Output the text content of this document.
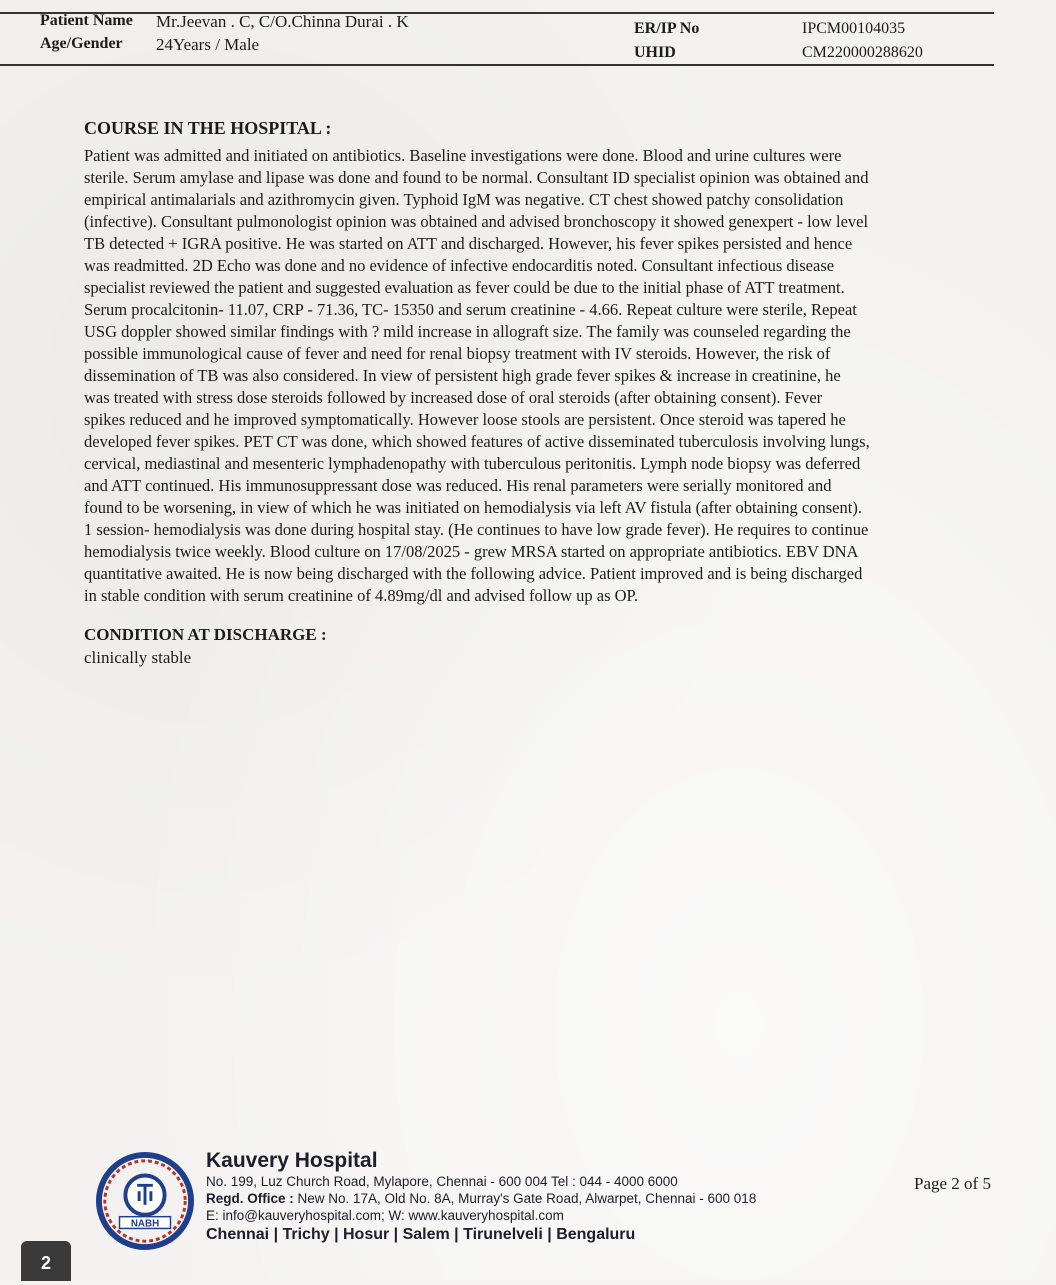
Patient Name Mr.Jeevan . C, C/O.Chinna Durai . K
Age/Gender 24Years / Male
ER/IP No	IPCM00104035
UHID	CM220000288620
COURSE IN THE HOSPITAL :
Patient was admitted and initiated on antibiotics. Baseline investigations were done. Blood and urine cultures were
sterile. Serum amylase and lipase was done and found to be normal. Consultant ID specialist opinion was obtained and
empirical antimalarials and azithromycin given. Typhoid IgM was negative. CT chest showed patchy consolidation
(infective). Consultant pulmonologist opinion was obtained and advised bronchoscopy it showed genexpert - low level
TB detected + IGRA positive. He was started on ATT and discharged. However, his fever spikes persisted and hence
was readmitted. 2D Echo was done and no evidence of infective endocarditis noted. Consultant infectious disease
specialist reviewed the patient and suggested evaluation as fever could be due to the initial phase of ATT treatment.
Serum procalcitonin- 11.07, CRP - 71.36, TC- 15350 and serum creatinine - 4.66. Repeat culture were sterile, Repeat
USG doppler showed similar findings with ? mild increase in allograft size. The family was counseled regarding the
possible immunological cause of fever and need for renal biopsy treatment with IV steroids. However, the risk of
dissemination of TB was also considered. In view of persistent high grade fever spikes & increase in creatinine, he
was treated with stress dose steroids followed by increased dose of oral steroids (after obtaining consent). Fever
spikes reduced and he improved symptomatically. However loose stools are persistent. Once steroid was tapered he
developed fever spikes. PET CT was done, which showed features of active disseminated tuberculosis involving lungs,
cervical, mediastinal and mesenteric lymphadenopathy with tuberculous peritonitis. Lymph node biopsy was deferred
and ATT continued. His immunosuppressant dose was reduced. His renal parameters were serially monitored and
found to be worsening, in view of which he was initiated on hemodialysis via left AV fistula (after obtaining consent).
1 session- hemodialysis was done during hospital stay. (He continues to have low grade fever). He requires to continue
hemodialysis twice weekly. Blood culture on 17/08/2025 - grew MRSA started on appropriate antibiotics. EBV DNA
quantitative awaited. He is now being discharged with the following advice. Patient improved and is being discharged
in stable condition with serum creatinine of 4.89mg/dl and advised follow up as OP.
CONDITION AT DISCHARGE :
clinically stable
NABH
Kauvery Hospital
No. 199, Luz Church Road, Mylapore, Chennai - 600 004 Tel : 044 - 4000 6000
Regd. Office : New No. 17A, Old No. 8A, Murray's Gate Road, Alwarpet, Chennai - 600 018
E: info@kauveryhospital.com; W: www.kauveryhospital.com
Chennai | Trichy | Hosur | Salem | Tirunelveli | Bengaluru
Page 2 of 5
2
